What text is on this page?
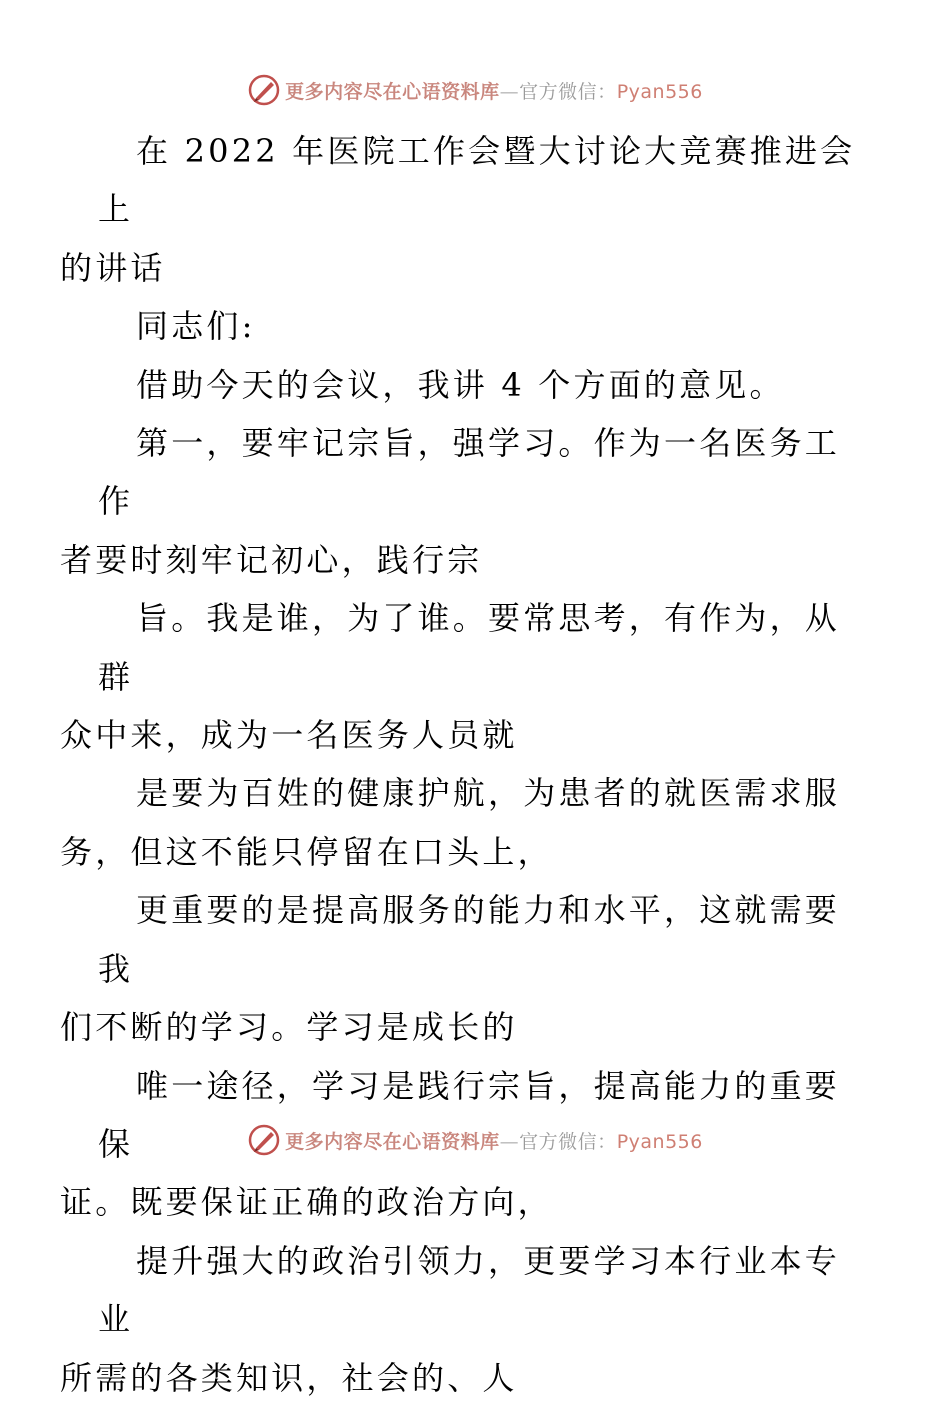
更多内容尽在心语资料库—官方微信：Pyan556

在 2022 年医院工作会暨大讨论大竞赛推进会上
的讲话

同志们:

借助今天的会议，我讲 4 个方面的意见。

第一，要牢记宗旨，强学习。作为一名医务工作
者要时刻牢记初心，践行宗

旨。我是谁，为了谁。要常思考，有作为，从群
众中来，成为一名医务人员就

是要为百姓的健康护航，为患者的就医需求服
务，但这不能只停留在口头上，

更重要的是提高服务的能力和水平，这就需要我
们不断的学习。学习是成长的

唯一途径，学习是践行宗旨，提高能力的重要保
证。既要保证正确的政治方向，

提升强大的政治引领力，更要学习本行业本专业
所需的各类知识，社会的、人

更多内容尽在心语资料库—官方微信：Pyan556
